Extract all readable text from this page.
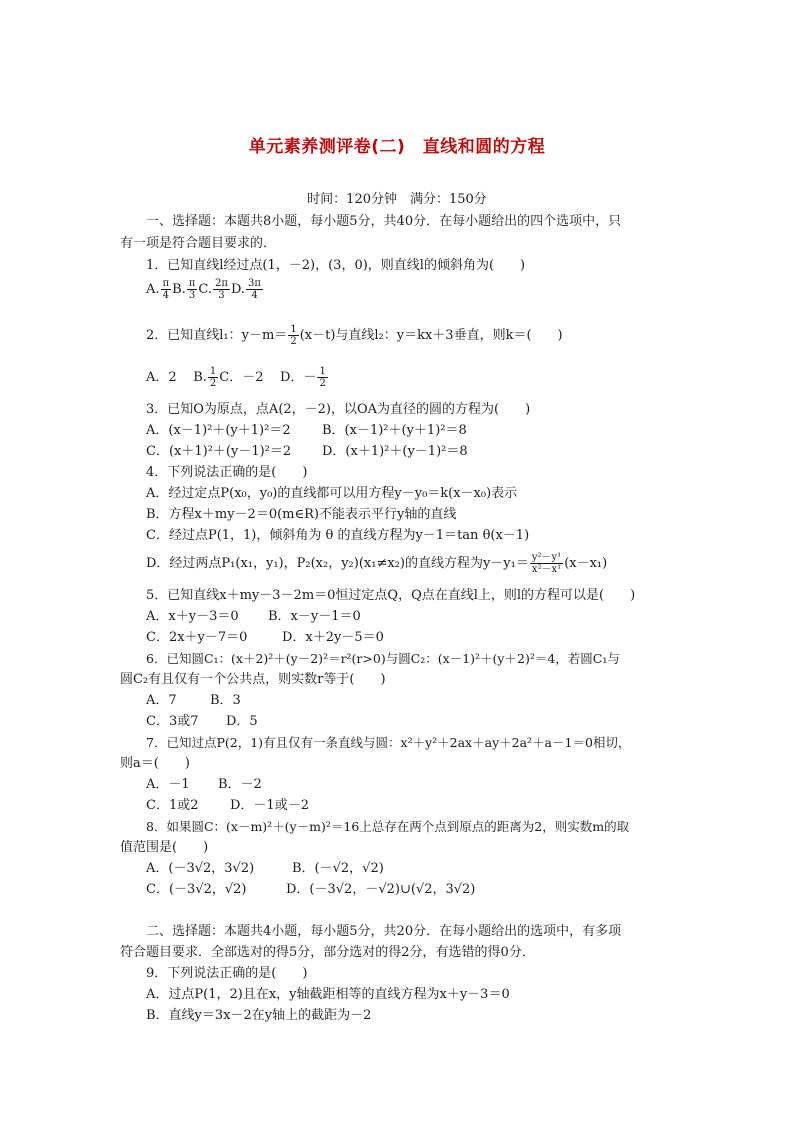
单元素养测评卷(二)　直线和圆的方程
时间：120分钟　满分：150分
一、选择题：本题共8小题，每小题5分，共40分．在每小题给出的四个选项中，只
有一项是符合题目要求的．
1．已知直线l经过点(1，－2)，(3，0)，则直线l的倾斜角为(　　)
A. $\frac{\pi}{4} B$. $\frac{\pi}{3} C$. $\frac{2\pi}{3} D$. $\frac{3\pi}{4}$
2．已知直线l₁：$y-m= \frac{1}{2} (x-t)$与直线l₂：y＝kx＋3垂直，则k＝(　　)
A．2 B. $\frac{1}{2}$ C．－2 D．－ $\frac{1}{2}$
3．已知O为原点，点A(2，－2)，以OA为直径的圆的方程为(　　)
A．(x－1)²＋(y＋1)²＝2 B．(x－1)²＋(y＋1)²＝8
C．(x＋1)²＋(y－1)²＝2 D．(x＋1)²＋(y－1)²＝8
4．下列说法正确的是(　　)
A．经过定点P(x₀，y₀)的直线都可以用方程y－y₀＝k(x－x₀)表示
B．方程x＋my－2＝0(m∈R)不能表示平行y轴的直线
C．经过点P(1，1)，倾斜角为 θ 的直线方程为y－1＝tan θ(x－1)
D．经过两点P₁(x₁，y₁)，P₂(x₂，y₂)(x₁≠x₂)的直线方程为$y-y_1= \frac{\text{y²－y¹}}{\text{x²－x¹}} (x-x_1)$
5．已知直线x＋my－3－2m＝0恒过定点Q，Q点在直线l上，则l的方程可以是(　　)
A．x＋y－3＝0 B．x－y－1＝0
C．2x＋y－7＝0	D．x＋2y－5＝0
6．已知圆C₁：(x＋2)²＋(y－2)²＝r²(r>0)与圆C₂：(x－1)²＋(y＋2)²＝4，若圆C₁与
圆C₂有且仅有一个公共点，则实数r等于(　　)
A．7	B．3
C．3或7 D．5
7．已知过点P(2，1)有且仅有一条直线与圆：x²＋y²＋2ax＋ay＋2a²＋a－1＝0相切，
则a＝(　　)
A．－1 B．－2
C．1或2 D．－1或－2
8．如果圆C：(x－m)²＋(y－m)²＝16上总存在两个点到原点的距离为2，则实数m的取
值范围是(　　)
A．(－3√2，3√2)	B．(－√2，√2)
C．(－3√2，√2)	D．(－3√2，－√2)∪(√2，3√2)
二、选择题：本题共4小题，每小题5分，共20分．在每小题给出的选项中，有多项
符合题目要求．全部选对的得5分，部分选对的得2分，有选错的得0分．
9．下列说法正确的是(　　)
A．过点P(1，2)且在x，y轴截距相等的直线方程为x＋y－3＝0
B．直线y＝3x－2在y轴上的截距为－2
